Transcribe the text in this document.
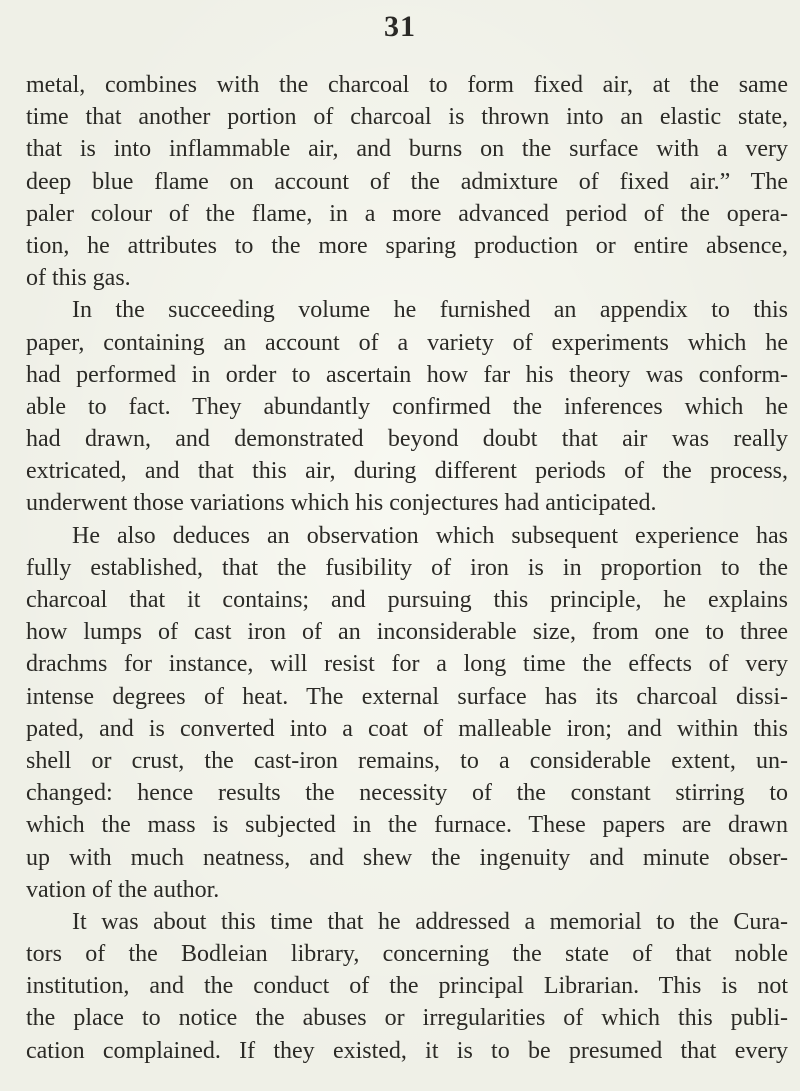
31
metal, combines with the charcoal to form fixed air, at the same
time that another portion of charcoal is thrown into an elastic state,
that is into inflammable air, and burns on the surface with a very
deep blue flame on account of the admixture of fixed air.” The
paler colour of the flame, in a more advanced period of the opera-
tion, he attributes to the more sparing production or entire absence,
of this gas.
In the succeeding volume he furnished an appendix to this
paper, containing an account of a variety of experiments which he
had performed in order to ascertain how far his theory was conform-
able to fact. They abundantly confirmed the inferences which he
had drawn, and demonstrated beyond doubt that air was really
extricated, and that this air, during different periods of the process,
underwent those variations which his conjectures had anticipated.
He also deduces an observation which subsequent experience has
fully established, that the fusibility of iron is in proportion to the
charcoal that it contains; and pursuing this principle, he explains
how lumps of cast iron of an inconsiderable size, from one to three
drachms for instance, will resist for a long time the effects of very
intense degrees of heat. The external surface has its charcoal dissi-
pated, and is converted into a coat of malleable iron; and within this
shell or crust, the cast-iron remains, to a considerable extent, un-
changed: hence results the necessity of the constant stirring to
which the mass is subjected in the furnace. These papers are drawn
up with much neatness, and shew the ingenuity and minute obser-
vation of the author.
It was about this time that he addressed a memorial to the Cura-
tors of the Bodleian library, concerning the state of that noble
institution, and the conduct of the principal Librarian. This is not
the place to notice the abuses or irregularities of which this publi-
cation complained. If they existed, it is to be presumed that every
